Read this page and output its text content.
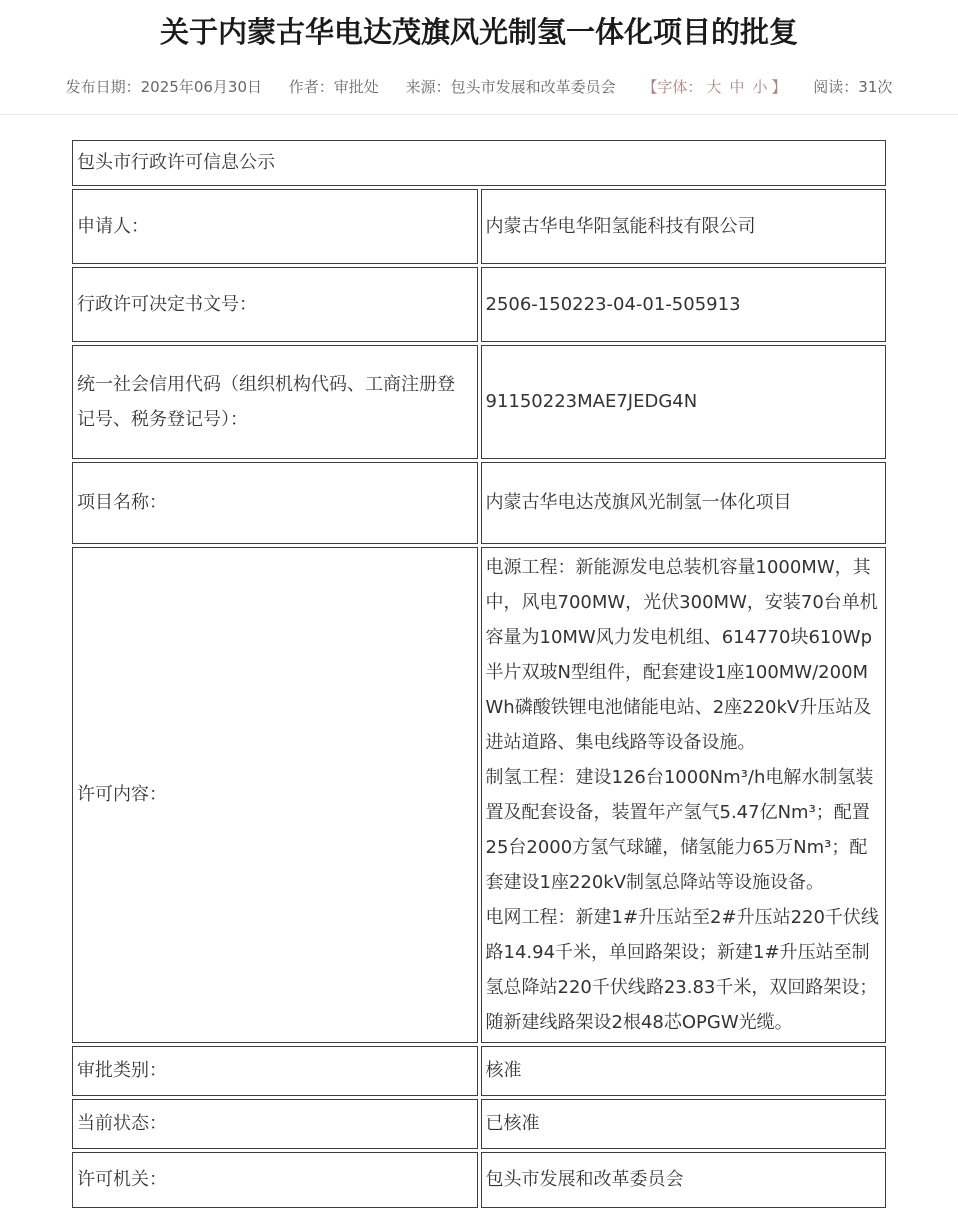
关于内蒙古华电达茂旗风光制氢一体化项目的批复
发布日期：2025年06月30日 作者：审批处 来源：包头市发展和改革委员会 【字体： 大 中 小 】 阅读：31次
包头市行政许可信息公示	
申请人：	内蒙古华电华阳氢能科技有限公司
行政许可决定书文号：	2506-150223-04-01-505913
统一社会信用代码（组织机构代码、工商注册登记号、税务登记号）：	91150223MAE7JEDG4N
项目名称：	内蒙古华电达茂旗风光制氢一体化项目
许可内容：	电源工程：新能源发电总装机容量1000MW，其中，风电700MW，光伏300MW，安装70台单机容量为10MW风力发电机组、614770块610Wp 半片双玻N型组件，配套建设1座100MW/200MWh磷酸铁锂电池储能电站、2座220kV升压站及进站道路、集电线路等设备设施。
制氢工程：建设126台1000Nm³/h电解水制氢装置及配套设备，装置年产氢气5.47亿Nm³；配置25台2000方氢气球罐，储氢能力65万Nm³；配套建设1座220kV制氢总降站等设施设备。
电网工程：新建1#升压站至2#升压站220千伏线路14.94千米，单回路架设；新建1#升压站至制氢总降站220千伏线路23.83千米，双回路架设；随新建线路架设2根48芯OPGW光缆。

审批类别：	核准
当前状态：	已核准
许可机关：	包头市发展和改革委员会
